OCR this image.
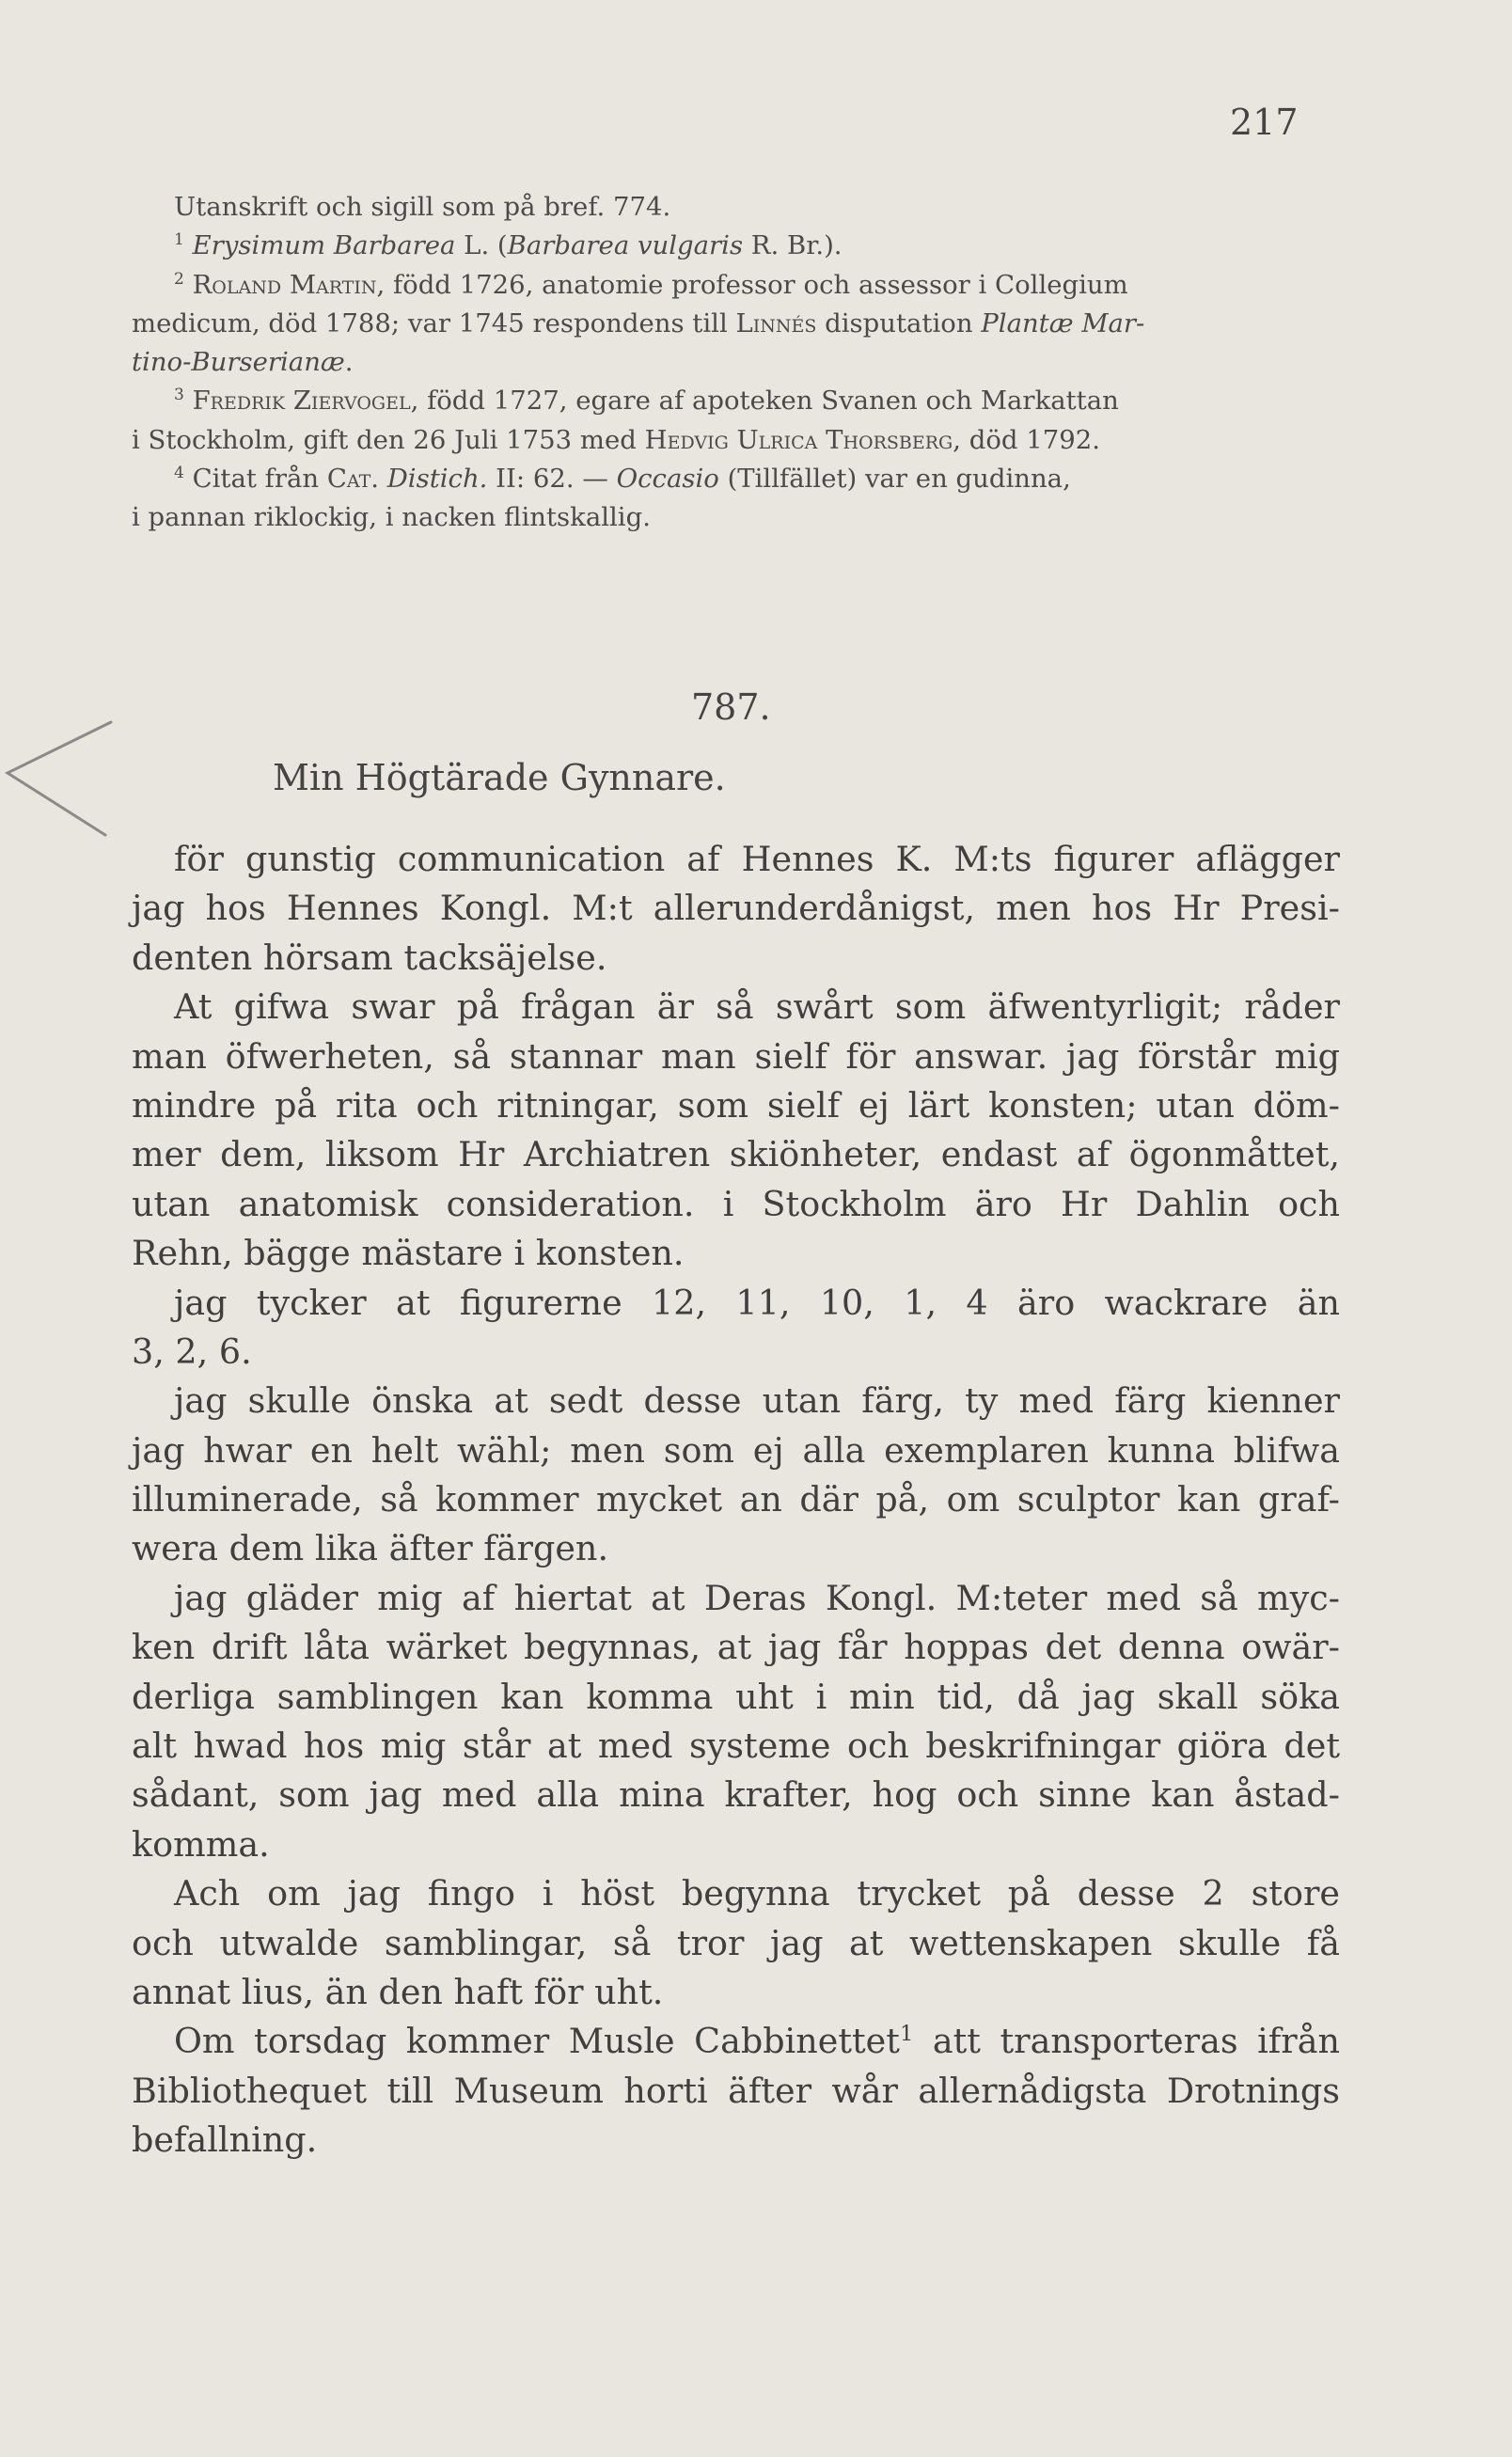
217
Utanskrift och sigill som på bref. 774.
$^1$ Erysimum Barbarea L. (Barbarea vulgaris R. Br.).
$^2$ Roland Martin, född 1726, anatomie professor och assessor i Collegium
medicum, död 1788; var 1745 respondens till Linnés disputation Plantæ Mar-
tino-Burserianæ.
$^3$ Fredrik Ziervogel, född 1727, egare af apoteken Svanen och Markattan
i Stockholm, gift den 26 Juli 1753 med Hedvig Ulrica Thorsberg, död 1792.
$^4$ Citat från Cat. Distich. II: 62. — Occasio (Tillfället) var en gudinna,
i pannan riklockig, i nacken flintskallig.
787.
Min Högtärade Gynnare.
för gunstig communication af Hennes K. M:ts figurer aflägger
jag hos Hennes Kongl. M:t allerunderdånigst, men hos Hr Presi-
denten hörsam tacksäjelse.
At gifwa swar på frågan är så swårt som äfwentyrligit; råder
man öfwerheten, så stannar man sielf för answar. jag förstår mig
mindre på rita och ritningar, som sielf ej lärt konsten; utan döm-
mer dem, liksom Hr Archiatren skiönheter, endast af ögonmåttet,
utan anatomisk consideration. i Stockholm äro Hr Dahlin och
Rehn, bägge mästare i konsten.
jag tycker at figurerne 12, 11, 10, 1, 4 äro wackrare än
3, 2, 6.
jag skulle önska at sedt desse utan färg, ty med färg kienner
jag hwar en helt wähl; men som ej alla exemplaren kunna blifwa
illuminerade, så kommer mycket an där på, om sculptor kan graf-
wera dem lika äfter färgen.
jag gläder mig af hiertat at Deras Kongl. M:teter med så myc-
ken drift låta wärket begynnas, at jag får hoppas det denna owär-
derliga samblingen kan komma uht i min tid, då jag skall söka
alt hwad hos mig står at med systeme och beskrifningar giöra det
sådant, som jag med alla mina krafter, hog och sinne kan åstad-
komma.
Ach om jag fingo i höst begynna trycket på desse 2 store
och utwalde samblingar, så tror jag at wettenskapen skulle få
annat lius, än den haft för uht.
Om torsdag kommer Musle Cabbinettet$^1$ att transporteras ifrån
Bibliothequet till Museum horti äfter wår allernådigsta Drotnings
befallning.
